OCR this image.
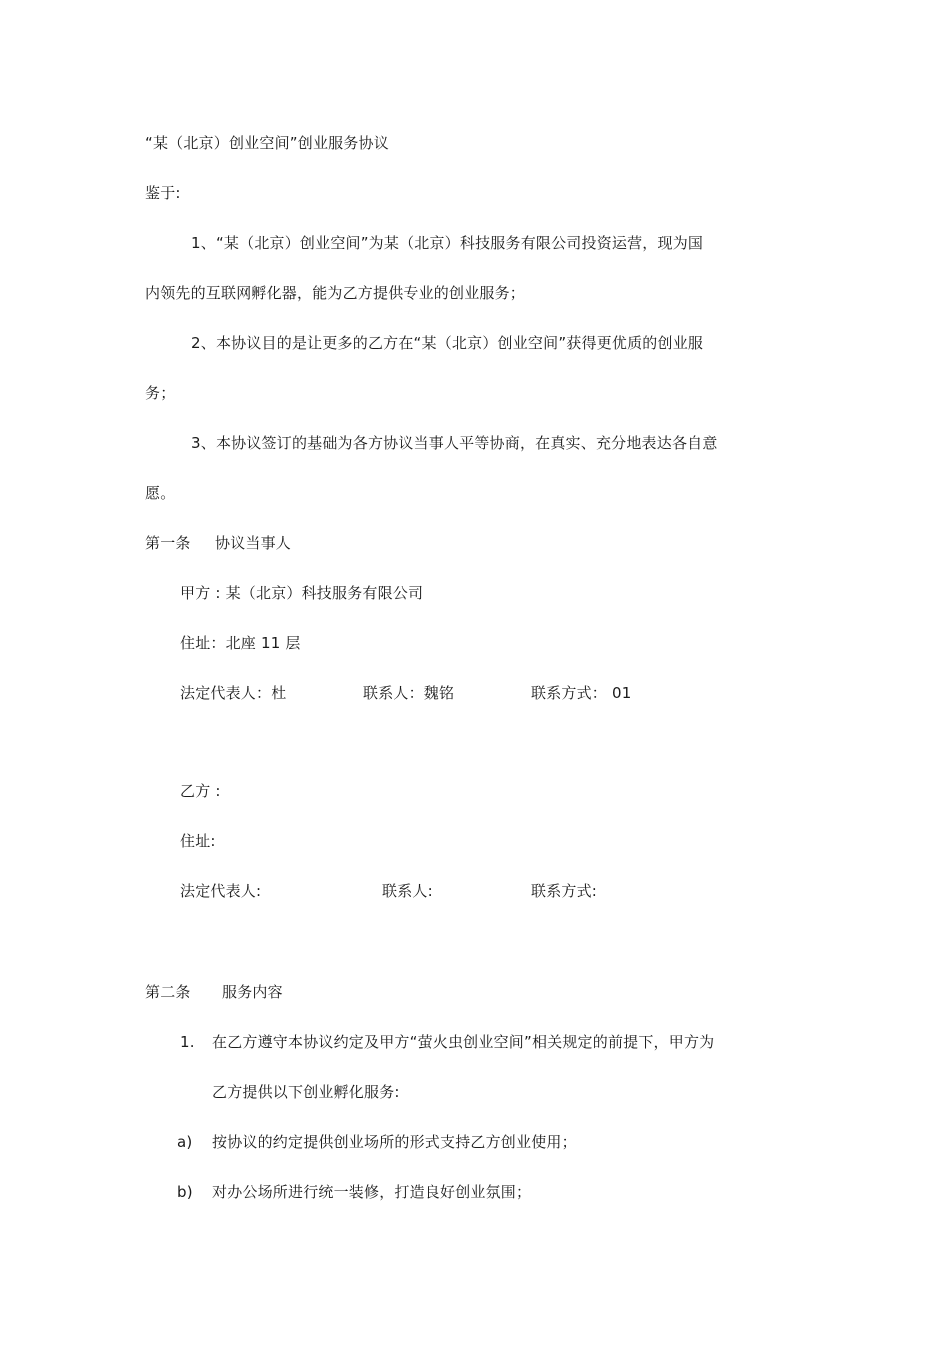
“某（北京）创业空间”创业服务协议
鉴于:
1、“某（北京）创业空间”为某（北京）科技服务有限公司投资运营，现为国
内领先的互联网孵化器，能为乙方提供专业的创业服务；
2、本协议目的是让更多的乙方在“某（北京）创业空间”获得更优质的创业服
务；
3、本协议签订的基础为各方协议当事人平等协商，在真实、充分地表达各自意
愿。
第一条 协议当事人
甲方 : 某（北京）科技服务有限公司
住址：北座 11 层
法定代表人：杜	联系人：魏铭	联系方式： 01
乙方 :
住址:
法定代表人:	联系人:	联系方式:
第二条 服务内容
1. 在乙方遵守本协议约定及甲方“萤火虫创业空间”相关规定的前提下，甲方为
乙方提供以下创业孵化服务:
a) 按协议的约定提供创业场所的形式支持乙方创业使用；
b) 对办公场所进行统一装修，打造良好创业氛围；
